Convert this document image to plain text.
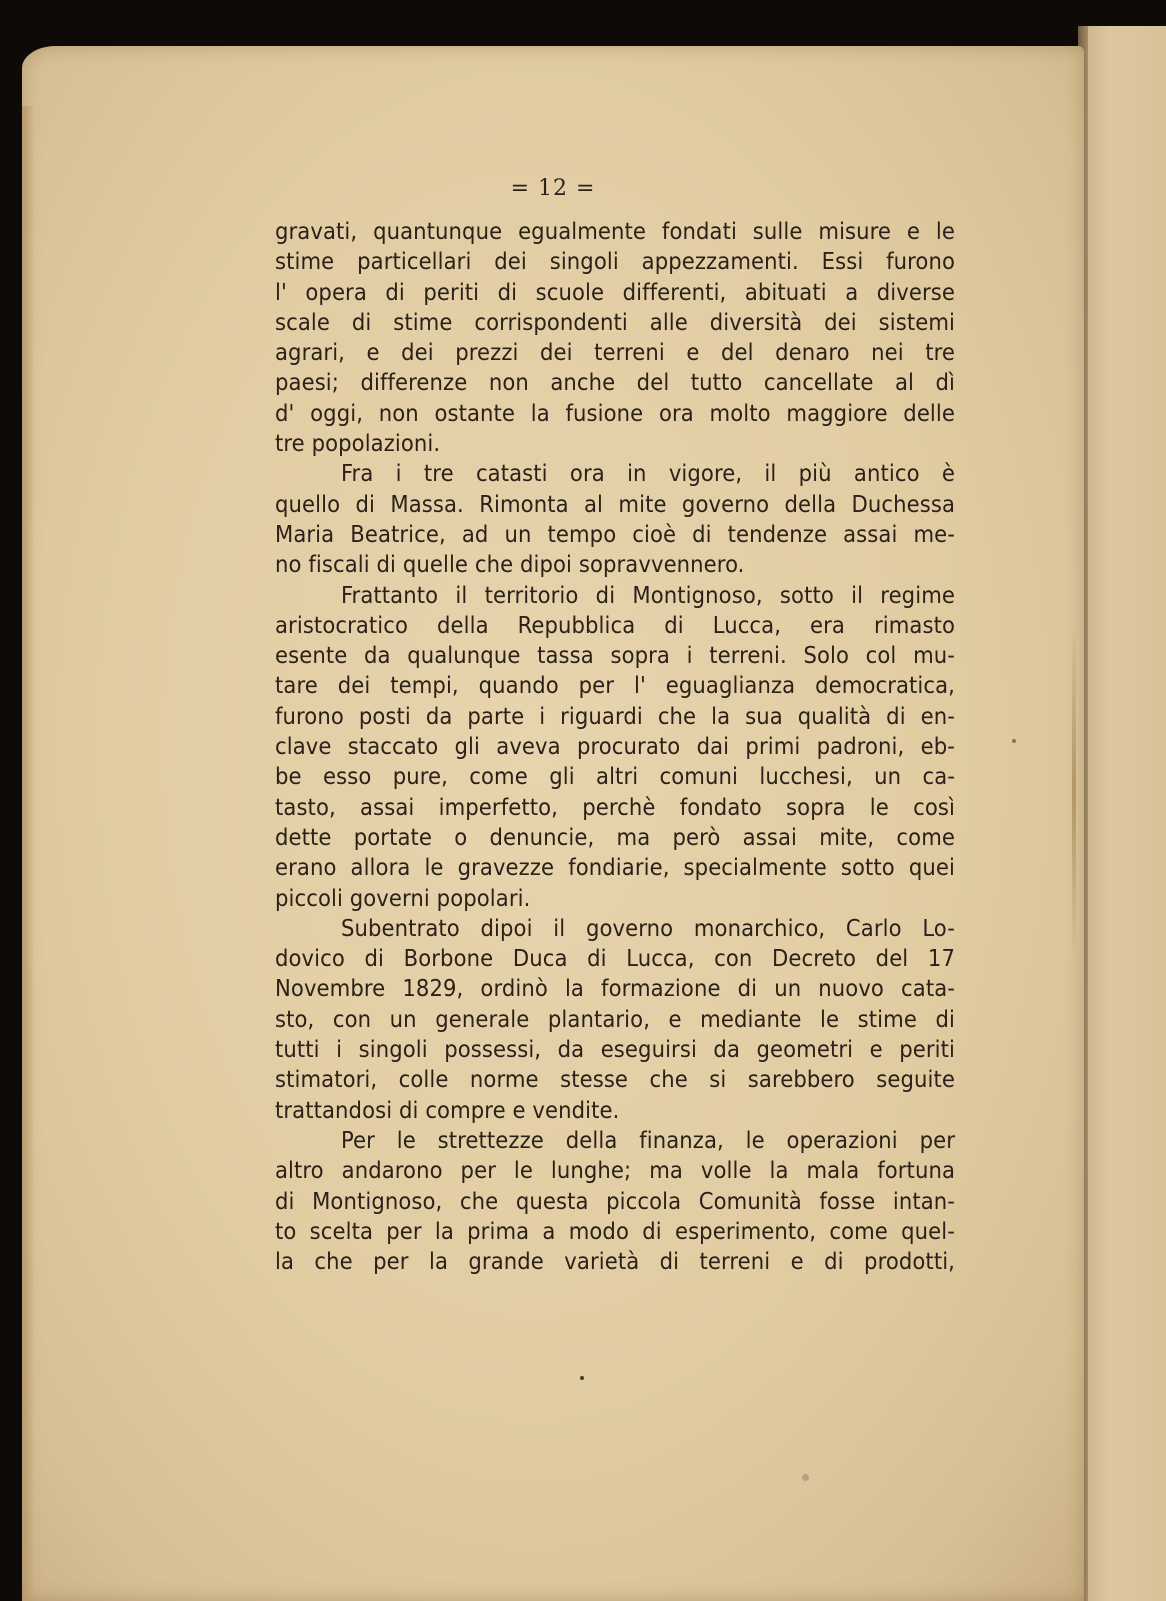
= 12 =
gravati, quantunque egualmente fondati sulle misure e le
stime particellari dei singoli appezzamenti. Essi furono
l' opera di periti di scuole differenti, abituati a diverse
scale di stime corrispondenti alle diversità dei sistemi
agrari, e dei prezzi dei terreni e del denaro nei tre
paesi; differenze non anche del tutto cancellate al dì
d' oggi, non ostante la fusione ora molto maggiore delle
tre popolazioni.
Fra i tre catasti ora in vigore, il più antico è
quello di Massa. Rimonta al mite governo della Duchessa
Maria Beatrice, ad un tempo cioè di tendenze assai me-
no fiscali di quelle che dipoi sopravvennero.
Frattanto il territorio di Montignoso, sotto il regime
aristocratico della Repubblica di Lucca, era rimasto
esente da qualunque tassa sopra i terreni. Solo col mu-
tare dei tempi, quando per l' eguaglianza democratica,
furono posti da parte i riguardi che la sua qualità di en-
clave staccato gli aveva procurato dai primi padroni, eb-
be esso pure, come gli altri comuni lucchesi, un ca-
tasto, assai imperfetto, perchè fondato sopra le così
dette portate o denuncie, ma però assai mite, come
erano allora le gravezze fondiarie, specialmente sotto quei
piccoli governi popolari.
Subentrato dipoi il governo monarchico, Carlo Lo-
dovico di Borbone Duca di Lucca, con Decreto del 17
Novembre 1829, ordinò la formazione di un nuovo cata-
sto, con un generale plantario, e mediante le stime di
tutti i singoli possessi, da eseguirsi da geometri e periti
stimatori, colle norme stesse che si sarebbero seguite
trattandosi di compre e vendite.
Per le strettezze della finanza, le operazioni per
altro andarono per le lunghe; ma volle la mala fortuna
di Montignoso, che questa piccola Comunità fosse intan-
to scelta per la prima a modo di esperimento, come quel-
la che per la grande varietà di terreni e di prodotti,
